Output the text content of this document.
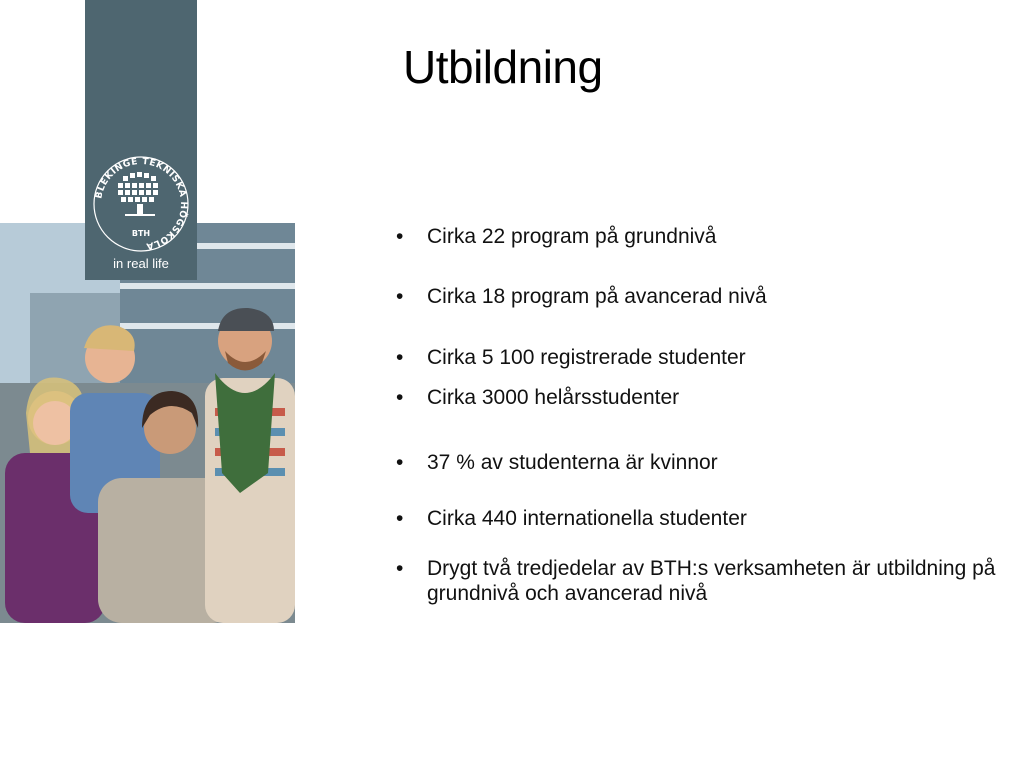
BLEKINGE TEKNISKA HÖGSKOLA
BTH
in real life
Utbildning
•	Cirka 22 program på grundnivå
•	Cirka 18 program på avancerad nivå
•	Cirka 5 100 registrerade studenter
•	Cirka 3000 helårsstudenter
•	37 % av studenterna är kvinnor
•	Cirka 440 internationella studenter
•	Drygt två tredjedelar av BTH:s verksamheten är utbildning på grundnivå och avancerad nivå
